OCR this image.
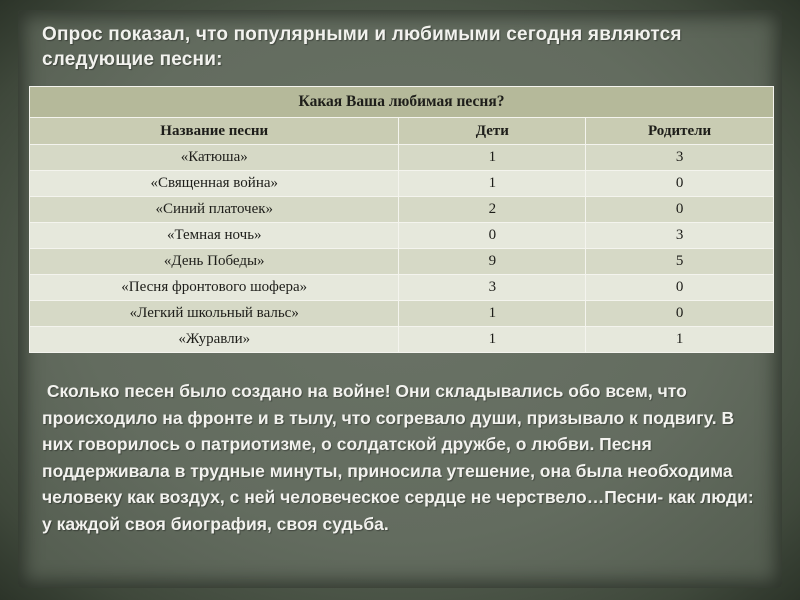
Опрос показал, что популярными и любимыми сегодня являются следующие песни:
Какая Ваша любимая песня?		
Название песни	Дети	Родители
«Катюша»	1	3
«Священная война»	1	0
«Синий платочек»	2	0
«Темная ночь»	0	3
«День Победы»	9	5
«Песня фронтового шофера»	3	0
«Легкий школьный вальс»	1	0
«Журавли»	1	1
Сколько песен было создано на войне! Они складывались обо всем, что происходило на фронте и в тылу, что согревало души, призывало к подвигу. В них говорилось о патриотизме, о солдатской дружбе, о любви. Песня поддерживала в трудные минуты, приносила утешение, она была необходима человеку как воздух, с ней человеческое сердце не черствело…Песни- как люди: у каждой своя биография, своя судьба.
